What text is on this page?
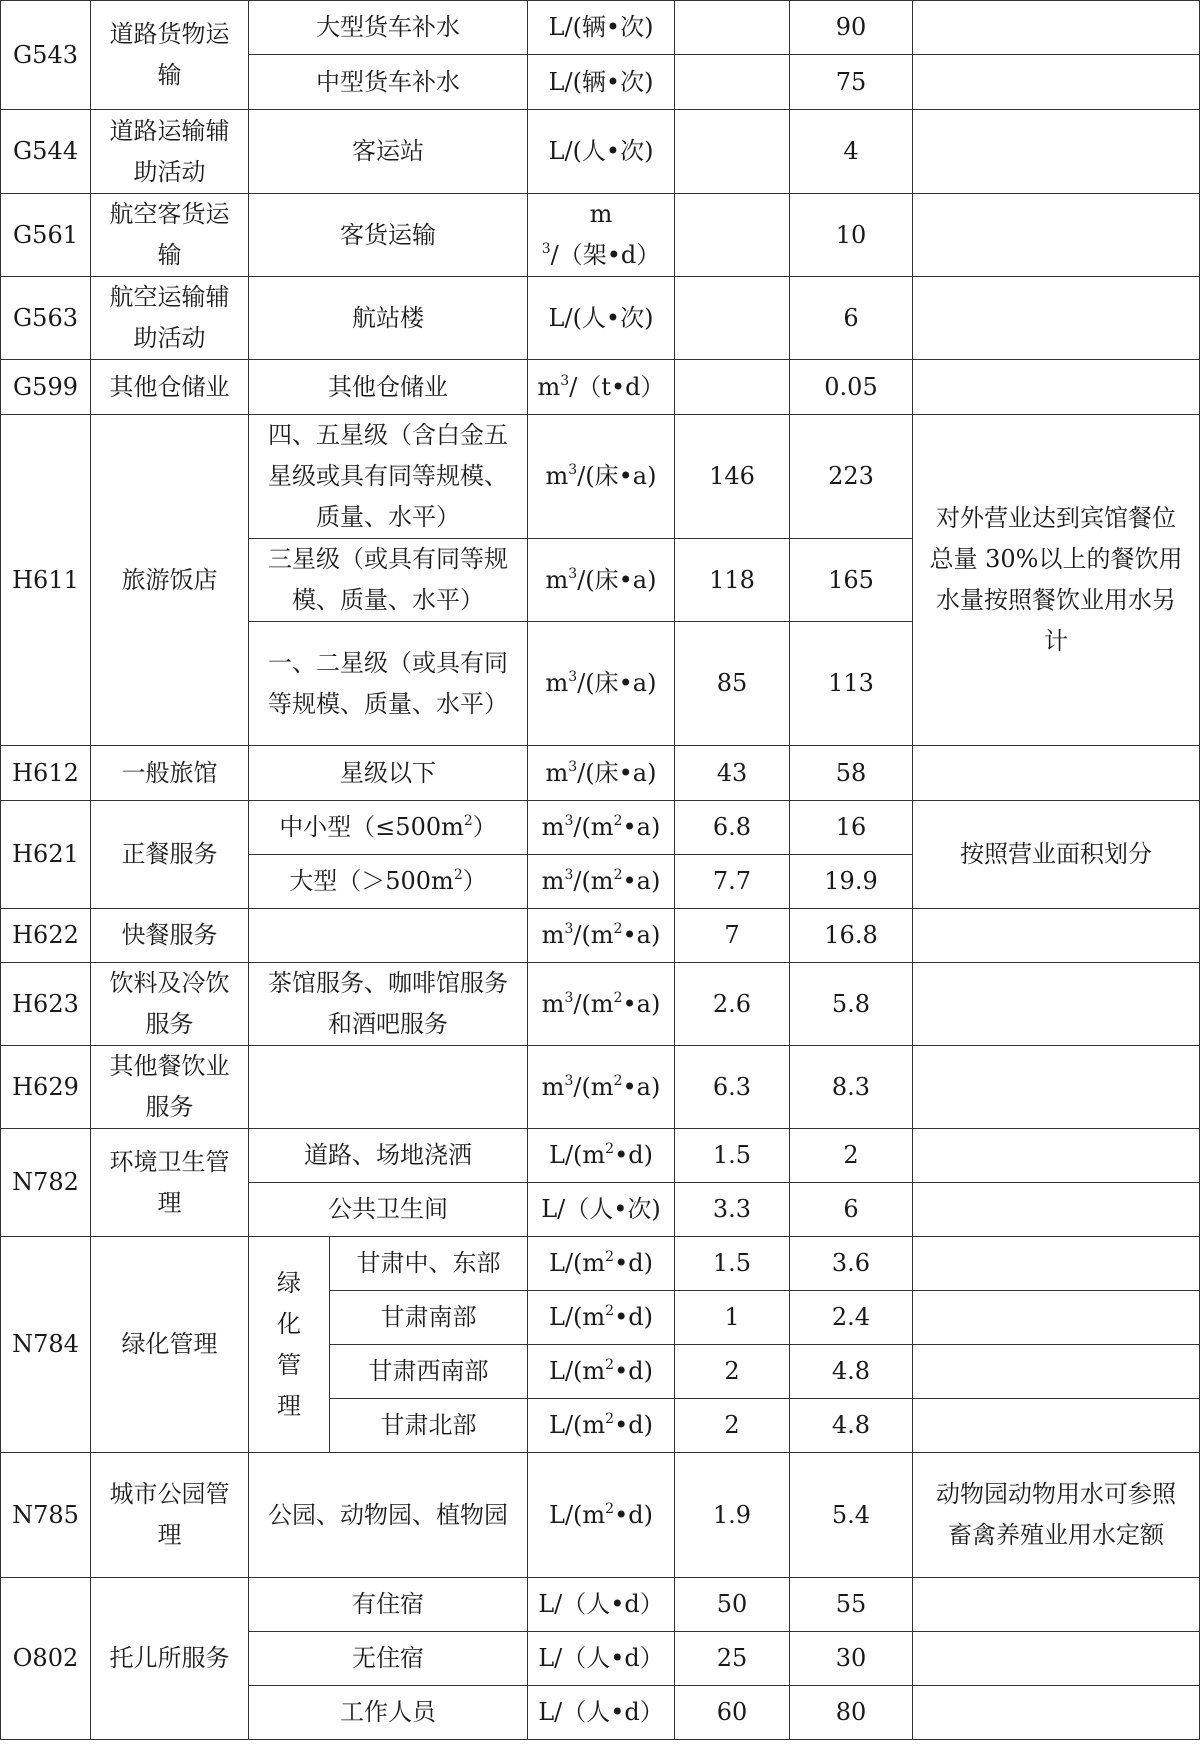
G543	道路货物运输	大型货车补水		L/(辆•次)		90	
		中型货车补水		L/(辆•次)		75	
G544	道路运输辅助活动	客运站		L/(人•次)		4	
G561	航空客货运输	客货运输		$m^3/$（架•d）		10	
G563	航空运输辅助活动	航站楼		L/(人•次)		6	
G599	其他仓储业	其他仓储业		$m^3/(t•d)$		0.05	
H611	旅游饭店	四、五星级（含白金五星级或具有同等规模、质量、水平）		$m^3/$(床•a)	146	223	对外营业达到宾馆餐位总量 30%以上的餐饮用水量按照餐饮业用水另计
		三星级（或具有同等规模、质量、水平）		$m^3/$(床•a)	118	165	
		一、二星级（或具有同等规模、质量、水平）		$m^3/$(床•a)	85	113	
H612	一般旅馆	星级以下		$m^3/$(床•a)	43	58	
H621	正餐服务	中小型$(\le 500m^2)$		$m^3/(m^2•a)$	6.8	16	按照营业面积划分
		大型$(>500m^2)$		$m^3/(m^2•a)$	7.7	19.9	
H622	快餐服务			$m^3/(m^2•a)$	7	16.8	
H623	饮料及冷饮服务	茶馆服务、咖啡馆服务和酒吧服务		$m^3/(m^2•a)$	2.6	5.8	
H629	其他餐饮业服务			$m^3/(m^2•a)$	6.3	8.3	
N782	环境卫生管理	道路、场地浇洒		$L/(m^2•d)$	1.5	2	
		公共卫生间		L/（人•次)	3.3	6	
N784	绿化管理	绿化管理	甘肃中、东部	$L/(m^2•d)$	1.5	3.6	
			甘肃南部	$L/(m^2•d)$	1	2.4	
			甘肃西南部	$L/(m^2•d)$	2	4.8	
			甘肃北部	$L/(m^2•d)$	2	4.8	
N785	城市公园管理	公园、动物园、植物园		$L/(m^2•d)$	1.9	5.4	动物园动物用水可参照畜禽养殖业用水定额
O802	托儿所服务	有住宿		L/（人•d）	50	55	
		无住宿		L/（人•d）	25	30	
		工作人员		L/（人•d）	60	80	
